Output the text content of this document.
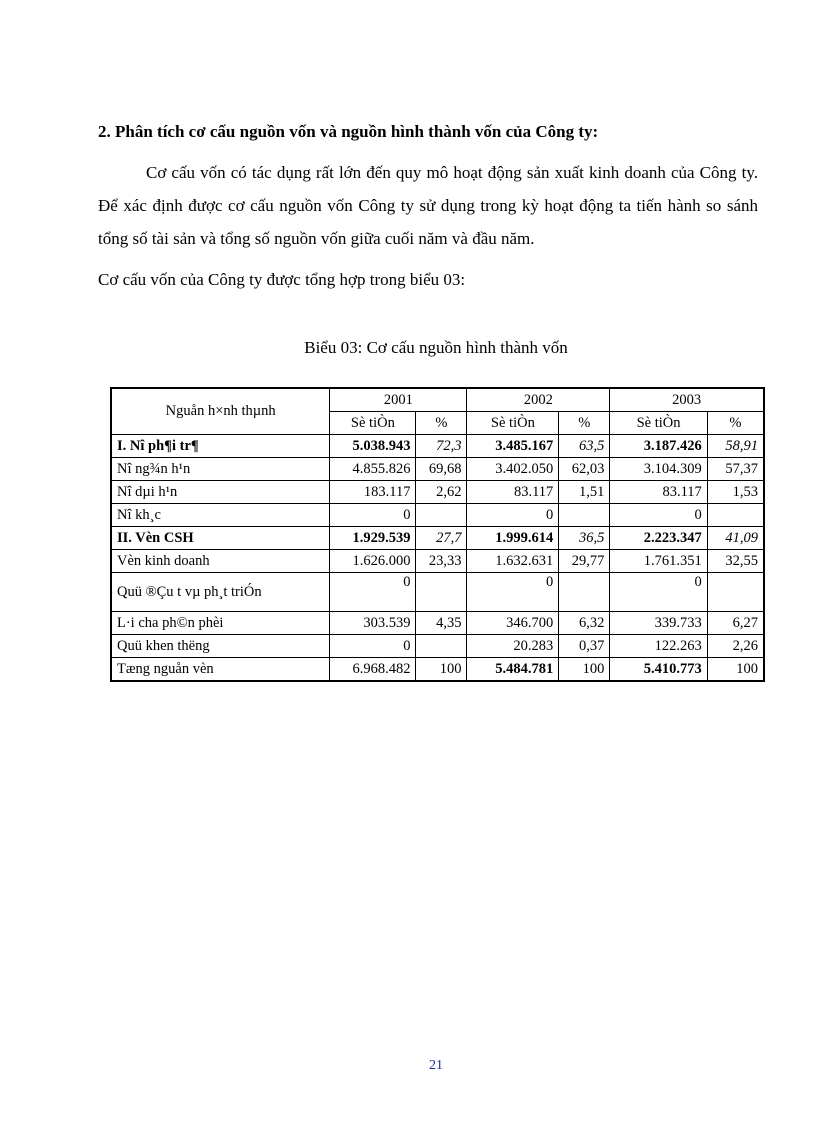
2. Phân tích cơ cấu nguồn vốn và nguồn hình thành vốn của Công ty:
Cơ cấu vốn có tác dụng rất lớn đến quy mô hoạt động sản xuất kinh doanh của Công ty. Để xác định được cơ cấu nguồn vốn Công ty sử dụng trong kỳ hoạt động ta tiến hành so sánh tổng số tài sản và tổng số nguồn vốn giữa cuối năm và đầu năm.
Cơ cấu vốn của Công ty được tổng hợp trong biểu 03:
Biểu 03: Cơ cấu nguồn hình thành vốn
Nguån h×nh thµnh	2001		2002		2003	
	Sè tiÒn	%	Sè tiÒn	%	Sè tiÒn	%
I. Nî ph¶i tr¶	5.038.943	72,3	3.485.167	63,5	3.187.426	58,91
Nî ng¾n h¹n	4.855.826	69,68	3.402.050	62,03	3.104.309	57,37
Nî dµi h¹n	183.117	2,62	83.117	1,51	83.117	1,53
Nî kh¸c	0		0		0	
II. Vèn CSH	1.929.539	27,7	1.999.614	36,5	2.223.347	41,09
Vèn kinh doanh	1.626.000	23,33	1.632.631	29,77	1.761.351	32,55
Quü ®Çu t vµ ph¸t triÓn	0		0		0	
L·i cha ph©n phèi	303.539	4,35	346.700	6,32	339.733	6,27
Quü khen thëng	0		20.283	0,37	122.263	2,26
Tæng nguån vèn	6.968.482	100	5.484.781	100	5.410.773	100
21
